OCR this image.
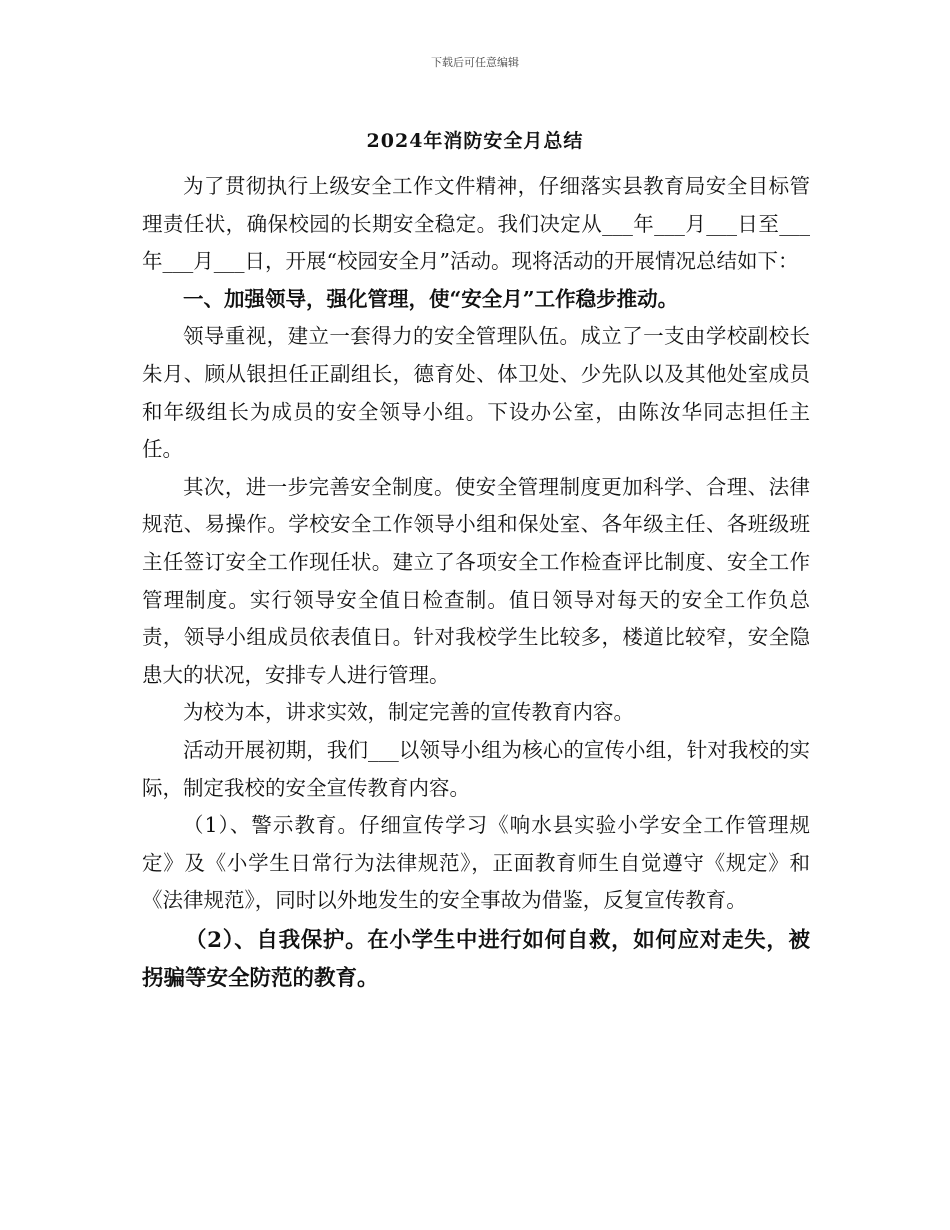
下载后可任意编辑
2024年消防安全月总结

为了贯彻执行上级安全工作文件精神，仔细落实县教育局安全目标管理责任状，确保校园的长期安全稳定。我们决定从___年___月___日至___年___月___日，开展“校园安全月”活动。现将活动的开展情况总结如下：

一、加强领导，强化管理，使“安全月”工作稳步推动。

领导重视，建立一套得力的安全管理队伍。成立了一支由学校副校长朱月、顾从银担任正副组长，德育处、体卫处、少先队以及其他处室成员和年级组长为成员的安全领导小组。下设办公室，由陈汝华同志担任主任。

其次，进一步完善安全制度。使安全管理制度更加科学、合理、法律规范、易操作。学校安全工作领导小组和保处室、各年级主任、各班级班主任签订安全工作现任状。建立了各项安全工作检查评比制度、安全工作管理制度。实行领导安全值日检查制。值日领导对每天的安全工作负总责，领导小组成员依表值日。针对我校学生比较多，楼道比较窄，安全隐患大的状况，安排专人进行管理。

为校为本，讲求实效，制定完善的宣传教育内容。

活动开展初期，我们___以领导小组为核心的宣传小组，针对我校的实际，制定我校的安全宣传教育内容。

（1）、警示教育。仔细宣传学习《响水县实验小学安全工作管理规定》及《小学生日常行为法律规范》，正面教育师生自觉遵守《规定》和《法律规范》，同时以外地发生的安全事故为借鉴，反复宣传教育。

（2）、自我保护。在小学生中进行如何自救，如何应对走失，被拐骗等安全防范的教育。
